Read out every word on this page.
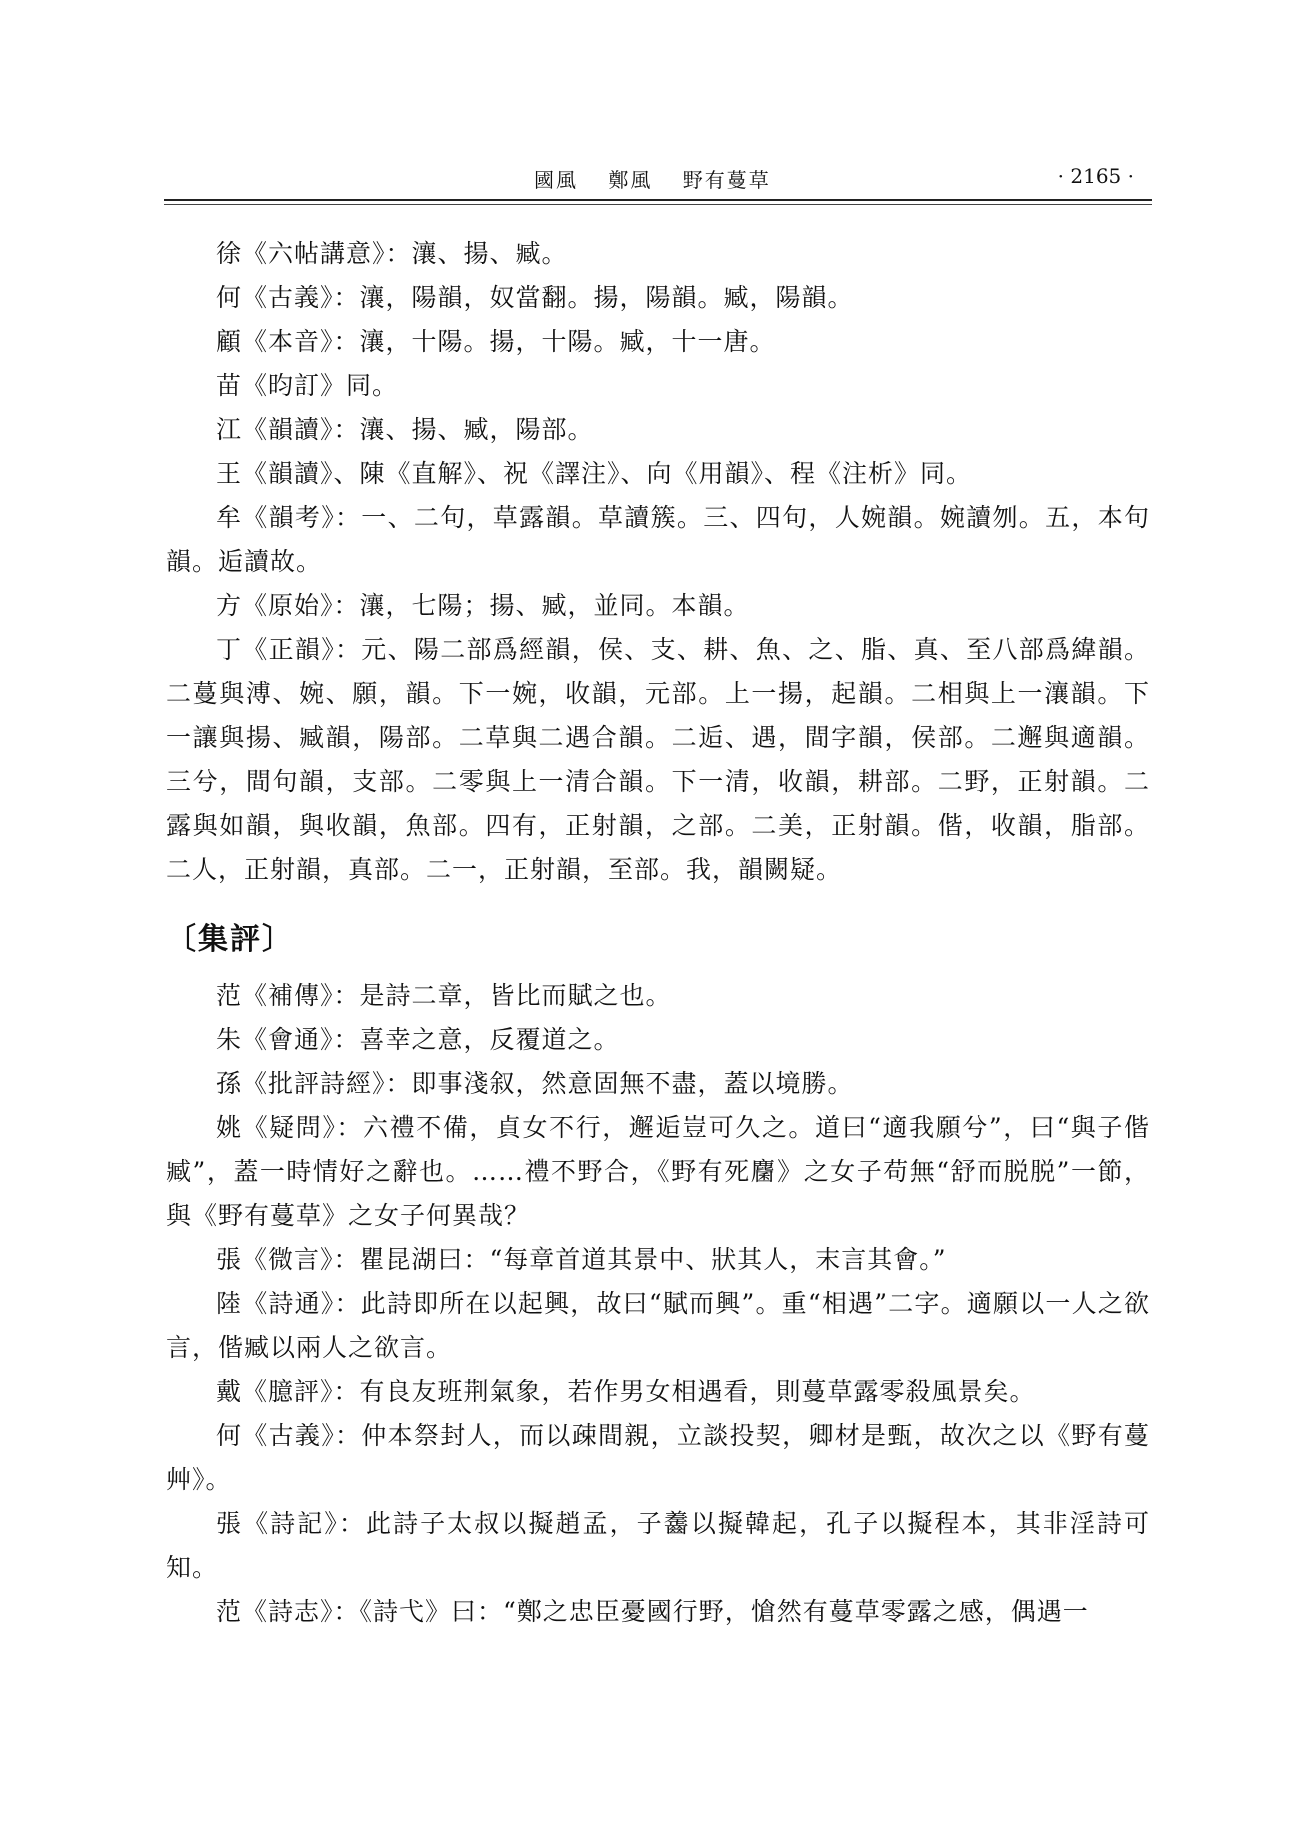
國風 鄭風 野有蔓草	· 2165 ·

徐《六帖講意》：瀼、揚、臧。

何《古義》：瀼，陽韻，奴當翻。揚，陽韻。臧，陽韻。

顧《本音》：瀼，十陽。揚，十陽。臧，十一唐。

苗《昀訂》同。

江《韻讀》：瀼、揚、臧，陽部。

王《韻讀》、陳《直解》、祝《譯注》、向《用韻》、程《注析》同。

牟《韻考》：一、二句，草露韻。草讀簇。三、四句，人婉韻。婉讀刎。五，本句韻。逅讀故。

方《原始》：瀼，七陽；揚、臧，並同。本韻。

丁《正韻》：元、陽二部爲經韻，侯、支、耕、魚、之、脂、真、至八部爲緯韻。二蔓與溥、婉、願，韻。下一婉，收韻，元部。上一揚，起韻。二相與上一瀼韻。下一讓與揚、臧韻，陽部。二草與二遇合韻。二逅、遇，間字韻，侯部。二邂與適韻。三兮，間句韻，支部。二零與上一清合韻。下一清，收韻，耕部。二野，正射韻。二露與如韻，與收韻，魚部。四有，正射韻，之部。二美，正射韻。偕，收韻，脂部。二人，正射韻，真部。二一，正射韻，至部。我，韻闕疑。

〔集評〕

范《補傳》：是詩二章，皆比而賦之也。

朱《會通》：喜幸之意，反覆道之。

孫《批評詩經》：即事淺叙，然意固無不盡，蓋以境勝。

姚《疑問》：六禮不備，貞女不行，邂逅豈可久之。道曰“適我願兮”，曰“與子偕臧”，蓋一時情好之辭也。……禮不野合，《野有死麕》之女子苟無“舒而脱脱”一節，與《野有蔓草》之女子何異哉？

張《微言》：瞿昆湖曰：“每章首道其景中、狀其人，末言其會。”

陸《詩通》：此詩即所在以起興，故曰“賦而興”。重“相遇”二字。適願以一人之欲言，偕臧以兩人之欲言。

戴《臆評》：有良友班荆氣象，若作男女相遇看，則蔓草露零殺風景矣。

何《古義》：仲本祭封人，而以疎間親，立談投契，卿材是甄，故次之以《野有蔓艸》。

張《詩記》：此詩子太叔以擬趙孟，子齹以擬韓起，孔子以擬程本，其非淫詩可知。

范《詩志》：《詩弋》曰：“鄭之忠臣憂國行野，愴然有蔓草零露之感，偶遇一
